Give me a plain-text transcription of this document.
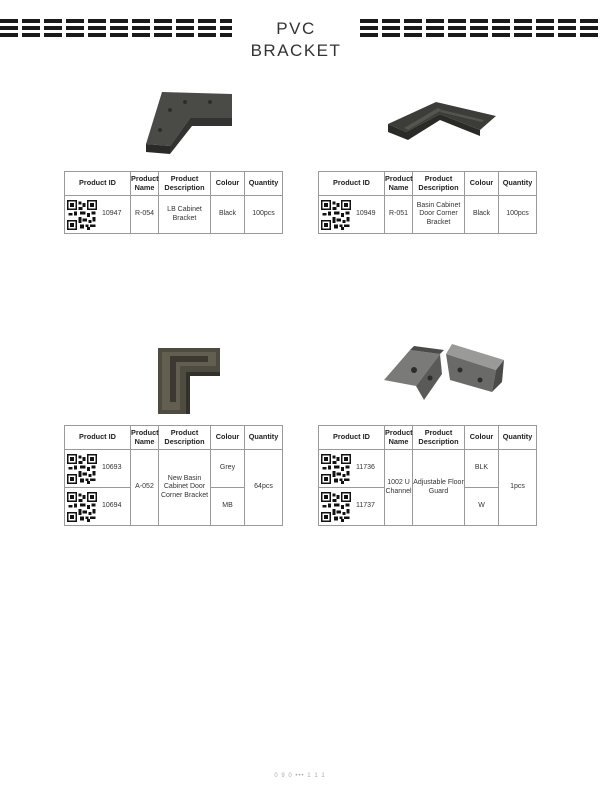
PVC BRACKET
Product ID	Product Name	Product Description	Colour	Quantity

10947	R-054	LB Cabinet Bracket	Black	100pcs
Product ID	Product Name	Product Description	Colour	Quantity

10949	R-051	Basin Cabinet Door Corner Bracket	Black	100pcs
Product ID	Product Name	Product Description	Colour	Quantity

10693	A-052	New Basin Cabinet Door Corner Bracket	Grey	64pcs

10694			MB	
Product ID	Product Name	Product Description	Colour	Quantity

11736	1002 U Channel	Adjustable Floor Guard	BLK	1pcs

11737			W	
0 9 0 ••• 1 1 1
